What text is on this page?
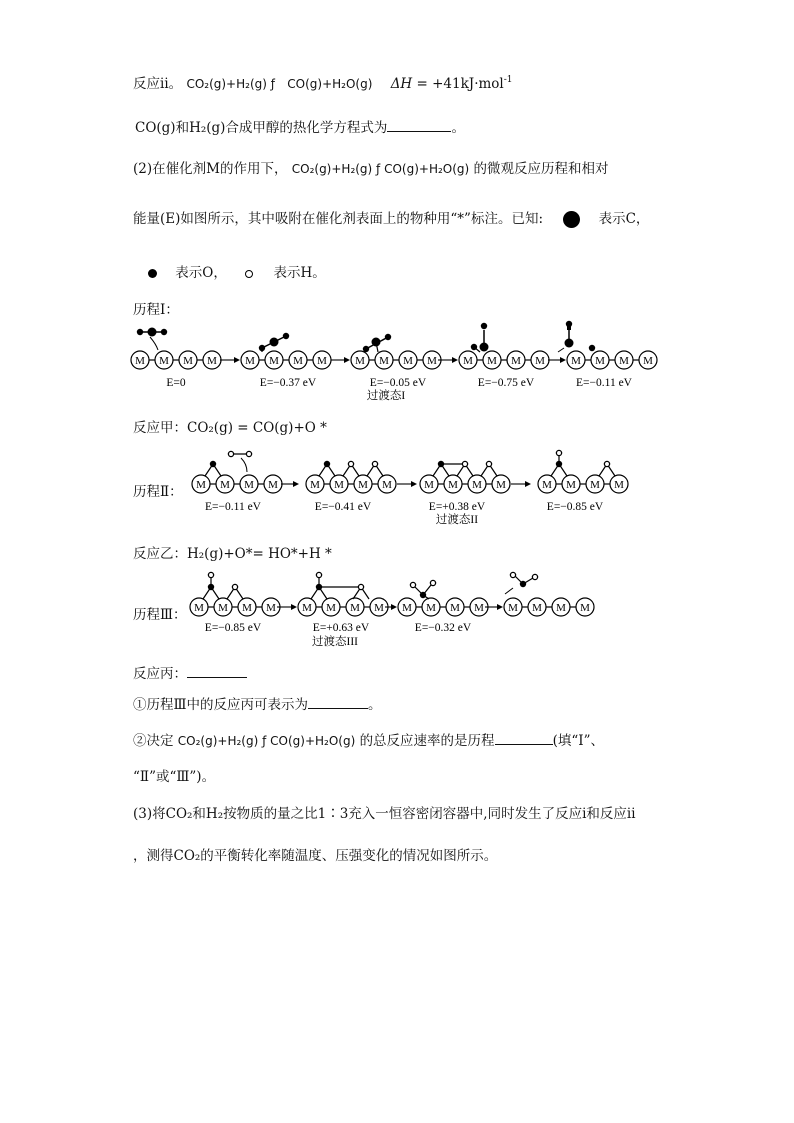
反应ⅱ。 CO₂(g)+H₂(g) ƒ CO(g)+H₂O(g) ΔH = +41kJ·mol$^{-1}$
CO(g)和H₂(g)合成甲醇的热化学方程式为	。
(2)在催化剂M的作用下， CO₂(g)+H₂(g) ƒ CO(g)+H₂O(g) 的微观反应历程和相对
能量(E)如图所示，其中吸附在催化剂表面上的物种用“*”标注。已知:	表示C，
表示O，	表示H。
历程Ⅰ：
M M M M
E=0
M M M M
E=−0.37 eV
M M M M
E=−0.05 eV
过渡态I
M M M M
E=−0.75 eV
M M M M
E=−0.11 eV
反应甲：CO₂(g) = CO(g)+O *
历程Ⅱ：	M M M M
E=−0.11 eV
M M M M
E=−0.41 eV
M M M M
E=+0.38 eV
过渡态II
M M M M
E=−0.85 eV
反应乙：H₂(g)+O*= HO*+H *
历程Ⅲ： M M M M
E=−0.85 eV
M M M M
E=+0.63 eV
过渡态III
M M M M
E=−0.32 eV
M M M M
反应丙：
①历程Ⅲ中的反应丙可表示为	。
②决定 CO₂(g)+H₂(g) ƒ CO(g)+H₂O(g) 的总反应速率的是历程	(填“Ⅰ”、
“Ⅱ”或“Ⅲ”)。
(3)将CO₂和H₂按物质的量之比1∶3充入一恒容密闭容器中,同时发生了反应ⅰ和反应ⅱ
，测得CO₂的平衡转化率随温度、压强变化的情况如图所示。
